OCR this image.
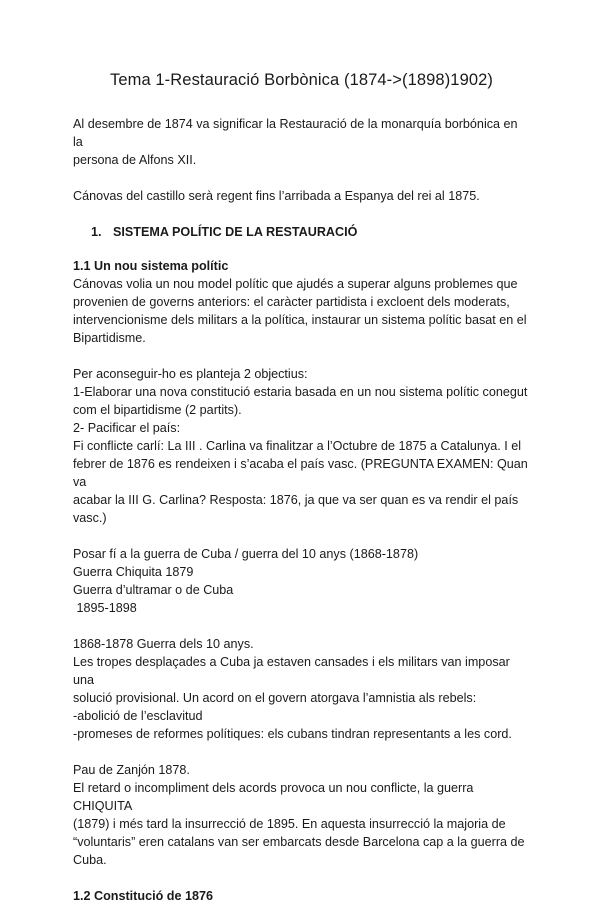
Tema 1-Restauració Borbònica (1874->(1898)1902)
Al desembre de 1874 va significar la Restauració de la monarquía borbónica en la
persona de Alfons XII.
Cánovas del castillo serà regent fins l’arribada a Espanya del rei al 1875.
1. SISTEMA POLÍTIC DE LA RESTAURACIÓ
1.1 Un nou sistema polític
Cánovas volia un nou model polític que ajudés a superar alguns problemes que
provenien de governs anteriors: el caràcter partidista i excloent dels moderats,
intervencionisme dels militars a la política, instaurar un sistema polític basat en el
Bipartidisme.
Per aconseguir-ho es planteja 2 objectius:
1-Elaborar una nova constitució estaria basada en un nou sistema polític conegut
com el bipartidisme (2 partits).
2- Pacificar el país:
Fi conflicte carlí: La III . Carlina va finalitzar a l’Octubre de 1875 a Catalunya. I el
febrer de 1876 es rendeixen i s’acaba el país vasc. (PREGUNTA EXAMEN: Quan va
acabar la III G. Carlina? Resposta: 1876, ja que va ser quan es va rendir el país
vasc.)
Posar fí a la guerra de Cuba / guerra del 10 anys (1868-1878)
Guerra Chiquita 1879
Guerra d’ultramar o de Cuba
1895-1898
1868-1878 Guerra dels 10 anys.
Les tropes desplaçades a Cuba ja estaven cansades i els militars van imposar una
solució provisional. Un acord on el govern atorgava l’amnistia als rebels:
-abolició de l’esclavitud
-promeses de reformes polítiques: els cubans tindran representants a les cord.
Pau de Zanjón 1878.
El retard o incompliment dels acords provoca un nou conflicte, la guerra CHIQUITA
(1879) i més tard la insurrecció de 1895. En aquesta insurrecció la majoria de
“voluntaris” eren catalans van ser embarcats desde Barcelona cap a la guerra de
Cuba.
1.2 Constitució de 1876
